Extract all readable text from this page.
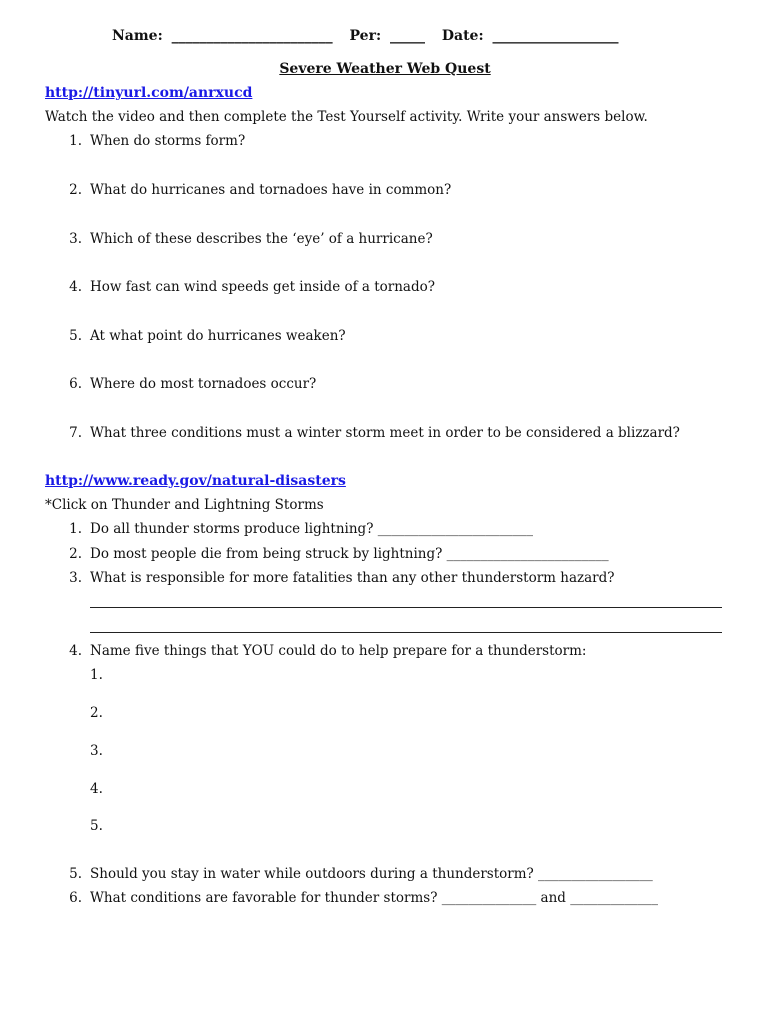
Name: _______________________ Per: _____ Date: __________________
Severe Weather Web Quest
http://tinyurl.com/anrxucd
Watch the video and then complete the Test Yourself activity. Write your answers below.
1. When do storms form?
2. What do hurricanes and tornadoes have in common?
3. Which of these describes the ‘eye’ of a hurricane?
4. How fast can wind speeds get inside of a tornado?
5. At what point do hurricanes weaken?
6. Where do most tornadoes occur?
7. What three conditions must a winter storm meet in order to be considered a blizzard?
http://www.ready.gov/natural-disasters
*Click on Thunder and Lightning Storms
1. Do all thunder storms produce lightning? _______________________
2. Do most people die from being struck by lightning? ________________________
3. What is responsible for more fatalities than any other thunderstorm hazard?
4. Name five things that YOU could do to help prepare for a thunderstorm:
1.
2.
3.
4.
5.
5. Should you stay in water while outdoors during a thunderstorm? _________________
6. What conditions are favorable for thunder storms? ______________ and _____________
